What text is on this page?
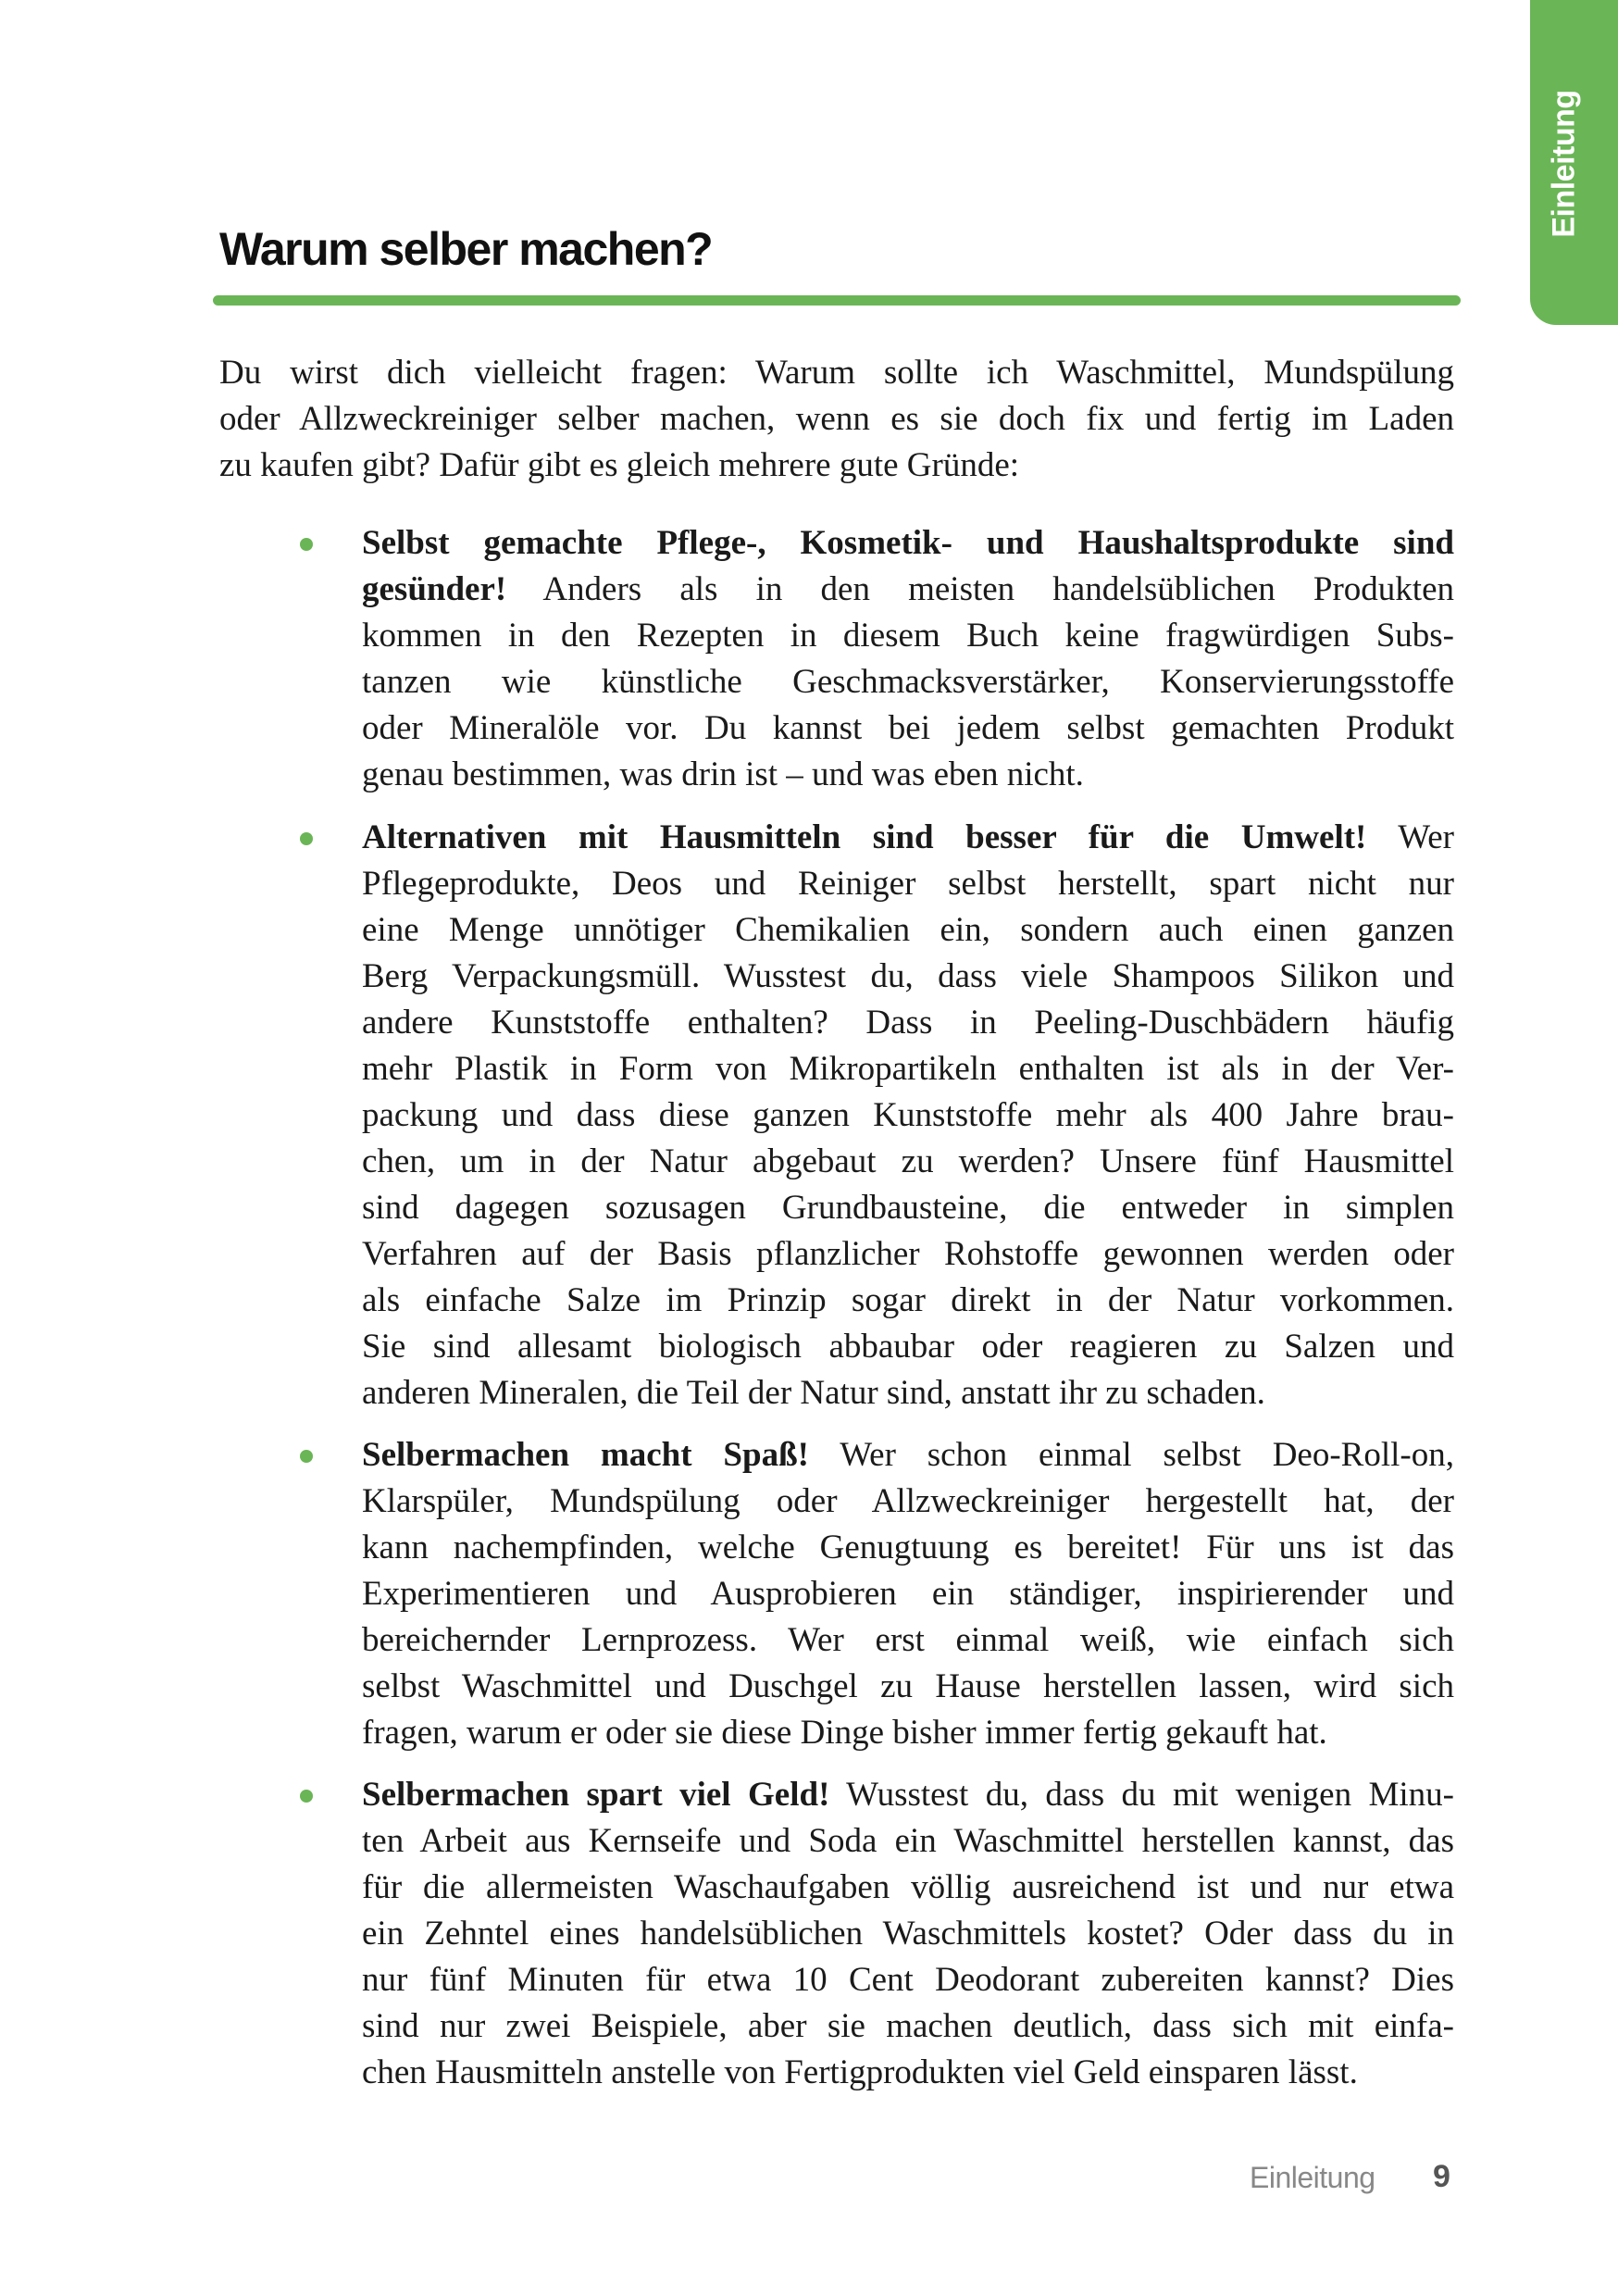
Einleitung
Warum selber machen?
Du wirst dich vielleicht fragen: Warum sollte ich Waschmittel, Mundspülung
oder Allzweckreiniger selber machen, wenn es sie doch fix und fertig im Laden
zu kaufen gibt? Dafür gibt es gleich mehrere gute Gründe:
Selbst gemachte Pflege-, Kosmetik- und Haushaltsprodukte sind
gesünder! Anders als in den meisten handelsüblichen Produkten
kommen in den Rezepten in diesem Buch keine fragwürdigen Subs-
tanzen wie künstliche Geschmacksverstärker, Konservierungsstoffe
oder Mineralöle vor. Du kannst bei jedem selbst gemachten Produkt
genau bestimmen, was drin ist – und was eben nicht.
Alternativen mit Hausmitteln sind besser für die Umwelt! Wer
Pflegeprodukte, Deos und Reiniger selbst herstellt, spart nicht nur
eine Menge unnötiger Chemikalien ein, sondern auch einen ganzen
Berg Verpackungsmüll. Wusstest du, dass viele Shampoos Silikon und
andere Kunststoffe enthalten? Dass in Peeling-Duschbädern häufig
mehr Plastik in Form von Mikropartikeln enthalten ist als in der Ver-
packung und dass diese ganzen Kunststoffe mehr als 400 Jahre brau-
chen, um in der Natur abgebaut zu werden? Unsere fünf Hausmittel
sind dagegen sozusagen Grundbausteine, die entweder in simplen
Verfahren auf der Basis pflanzlicher Rohstoffe gewonnen werden oder
als einfache Salze im Prinzip sogar direkt in der Natur vorkommen.
Sie sind allesamt biologisch abbaubar oder reagieren zu Salzen und
anderen Mineralen, die Teil der Natur sind, anstatt ihr zu schaden.
Selbermachen macht Spaß! Wer schon einmal selbst Deo-Roll-on,
Klarspüler, Mundspülung oder Allzweckreiniger hergestellt hat, der
kann nachempfinden, welche Genugtuung es bereitet! Für uns ist das
Experimentieren und Ausprobieren ein ständiger, inspirierender und
bereichernder Lernprozess. Wer erst einmal weiß, wie einfach sich
selbst Waschmittel und Duschgel zu Hause herstellen lassen, wird sich
fragen, warum er oder sie diese Dinge bisher immer fertig gekauft hat.
Selbermachen spart viel Geld! Wusstest du, dass du mit wenigen Minu-
ten Arbeit aus Kernseife und Soda ein Waschmittel herstellen kannst, das
für die allermeisten Waschaufgaben völlig ausreichend ist und nur etwa
ein Zehntel eines handelsüblichen Waschmittels kostet? Oder dass du in
nur fünf Minuten für etwa 10 Cent Deodorant zubereiten kannst? Dies
sind nur zwei Beispiele, aber sie machen deutlich, dass sich mit einfa-
chen Hausmitteln anstelle von Fertigprodukten viel Geld einsparen lässt.
Einleitung 9
